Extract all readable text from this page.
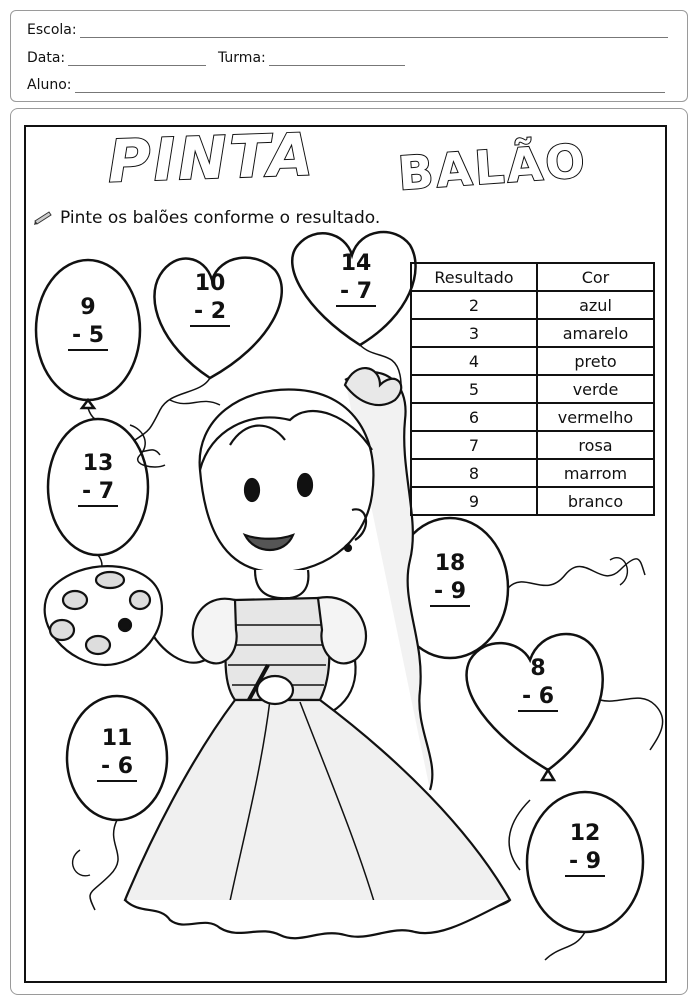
Escola:
Data:	Turma:
Aluno:
PINTA BALÃO
Pinte os balões conforme o resultado.
9
- 5
10
- 2
14
- 7
13
- 7
18
- 9
8
- 6
11
- 6
12
- 9
Resultado	Cor
2	azul
3	amarelo
4	preto
5	verde
6	vermelho
7	rosa
8	marrom
9	branco
